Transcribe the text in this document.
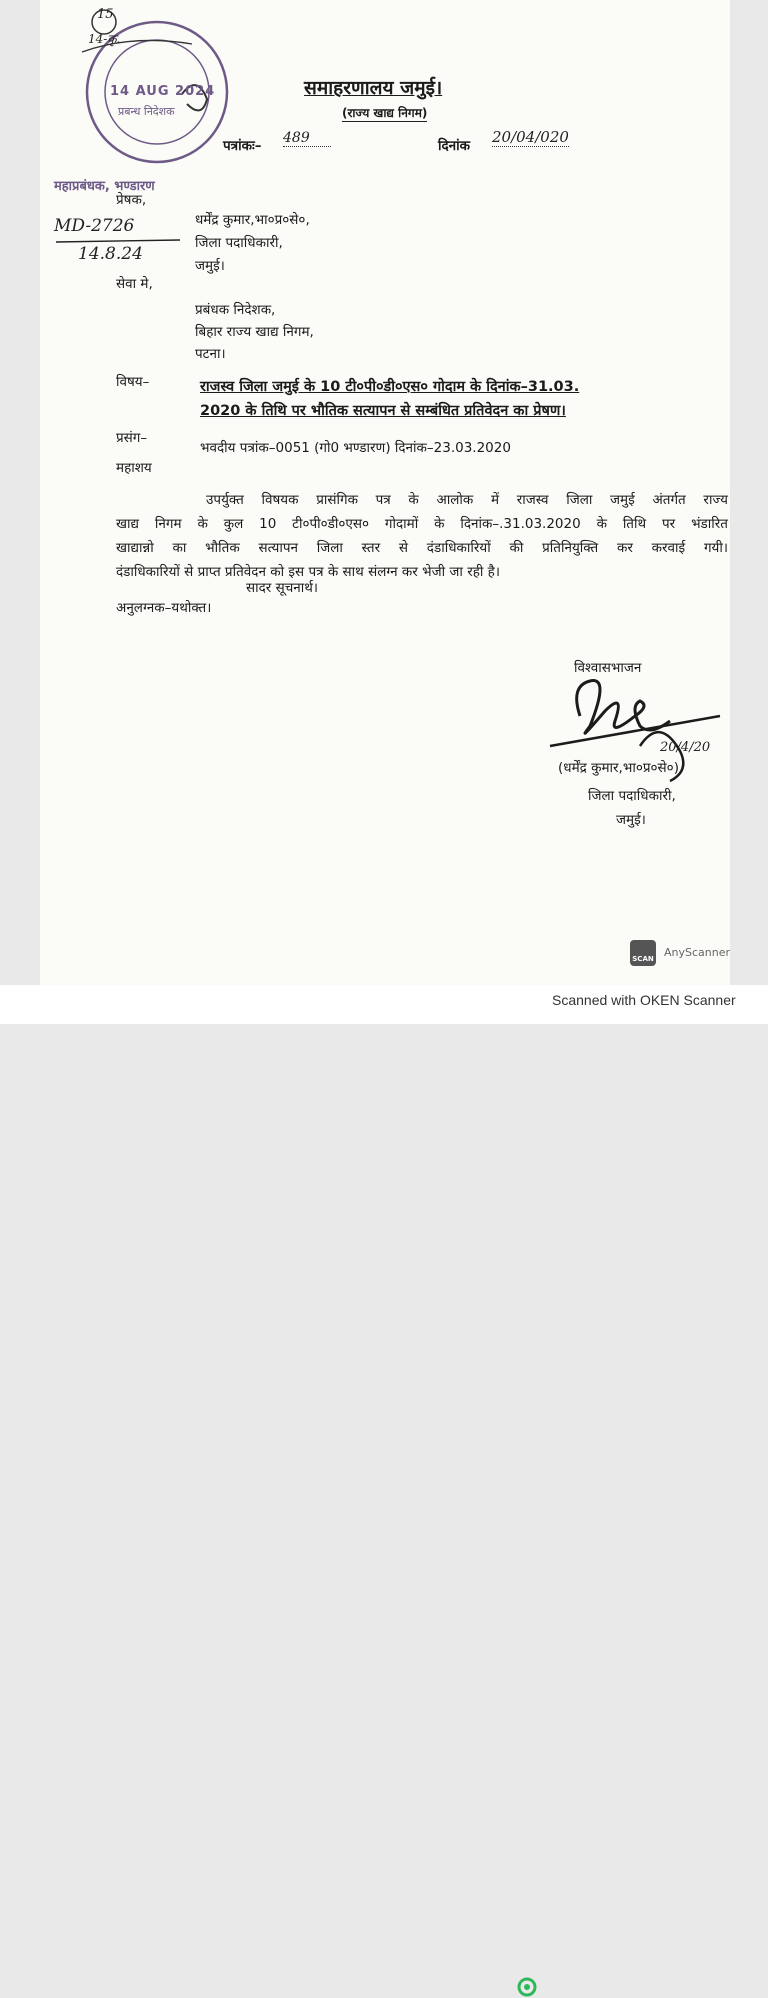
15
14-कृ.
14 AUG 2024
प्रबन्ध निदेशक
महाप्रबंधक, भण्डारण
समाहरणालय जमुई।
(राज्य खाद्य निगम)
पत्रांकः– 489	दिनांक 20/04/020
MD-2726
14.8.24
प्रेषक,
धर्मेंद्र कुमार,भा०प्र०से०,
जिला पदाधिकारी,
जमुई।
सेवा मे,
प्रबंधक निदेशक,
बिहार राज्य खाद्य निगम,
पटना।
विषय–	राजस्व जिला जमुई के 10 टी०पी०डी०एस० गोदाम के दिनांक–31.03.
2020 के तिथि पर भौतिक सत्यापन से सम्बंधित प्रतिवेदन का प्रेषण।
प्रसंग–
भवदीय पत्रांक–0051 (गो0 भण्डारण) दिनांक–23.03.2020
महाशय
उपर्युक्त विषयक प्रासंगिक पत्र के आलोक में राजस्व जिला जमुई अंतर्गत राज्य
खाद्य निगम के कुल 10 टी०पी०डी०एस० गोदामों के दिनांक–.31.03.2020 के तिथि पर भंडारित
खाद्यान्नो का भौतिक सत्यापन जिला स्तर से दंडाधिकारियों की प्रतिनियुक्ति कर करवाई गयी।
दंडाधिकारियों से प्राप्त प्रतिवेदन को इस पत्र के साथ संलग्न कर भेजी जा रही है।
सादर सूचनार्थ।
अनुलग्नक–यथोक्त।
विश्वासभाजन
20/4/20
(धर्मेंद्र कुमार,भा०प्र०से०)
जिला पदाधिकारी,
जमुई।
SCAN AnyScanner
Scanned with OKEN Scanner
